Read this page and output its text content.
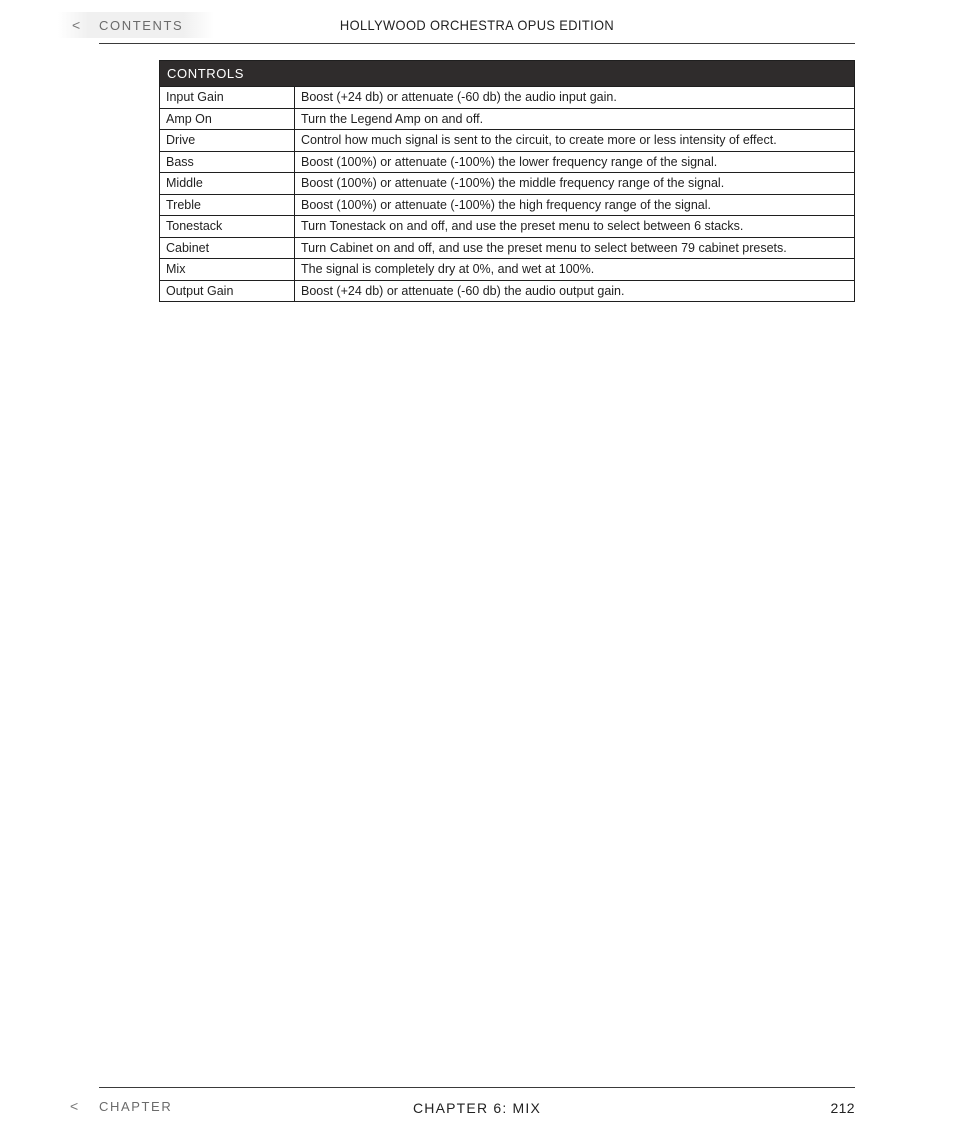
<	CONTENTS	HOLLYWOOD ORCHESTRA OPUS EDITION
CONTROLS	
Input Gain	Boost (+24 db) or attenuate (-60 db) the audio input gain.
Amp On	Turn the Legend Amp on and off.
Drive	Control how much signal is sent to the circuit, to create more or less intensity of effect.
Bass	Boost (100%) or attenuate (-100%) the lower frequency range of the signal.
Middle	Boost (100%) or attenuate (-100%) the middle frequency range of the signal.
Treble	Boost (100%) or attenuate (-100%) the high frequency range of the signal.
Tonestack	Turn Tonestack on and off, and use the preset menu to select between 6 stacks.
Cabinet	Turn Cabinet on and off, and use the preset menu to select between 79 cabinet presets.
Mix	The signal is completely dry at 0%, and wet at 100%.
Output Gain	Boost (+24 db) or attenuate (-60 db) the audio output gain.
<	CHAPTER	CHAPTER 6: MIX	212
